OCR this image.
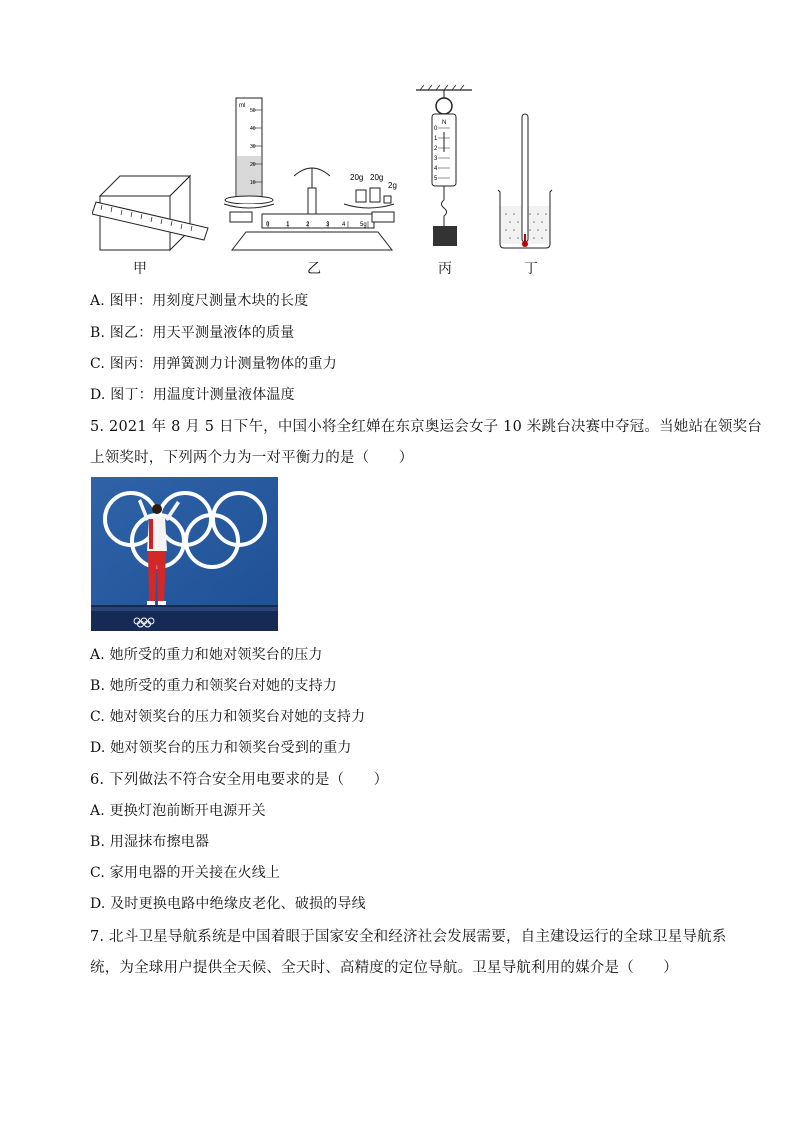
ml
50
40
30
20
10
0	1	2	3 4 5g
20g 20g
2g
N
0
1
2
3
4
5
甲	乙	丙	丁
A. 图甲：用刻度尺测量木块的长度
B. 图乙：用天平测量液体的质量
C. 图丙：用弹簧测力计测量物体的重力
D. 图丁：用温度计测量液体温度
5. 2021 年 8 月 5 日下午，中国小将全红婵在东京奥运会女子 10 米跳台决赛中夺冠。当她站在领奖台
上领奖时，下列两个力为一对平衡力的是（　　）
A. 她所受的重力和她对领奖台的压力
B. 她所受的重力和领奖台对她的支持力
C. 她对领奖台的压力和领奖台对她的支持力
D. 她对领奖台的压力和领奖台受到的重力
6. 下列做法不符合安全用电要求的是（　　）
A. 更换灯泡前断开电源开关
B. 用湿抹布擦电器
C. 家用电器的开关接在火线上
D. 及时更换电路中绝缘皮老化、破损的导线
7. 北斗卫星导航系统是中国着眼于国家安全和经济社会发展需要，自主建设运行的全球卫星导航系
统，为全球用户提供全天候、全天时、高精度的定位导航。卫星导航利用的媒介是（　　）
